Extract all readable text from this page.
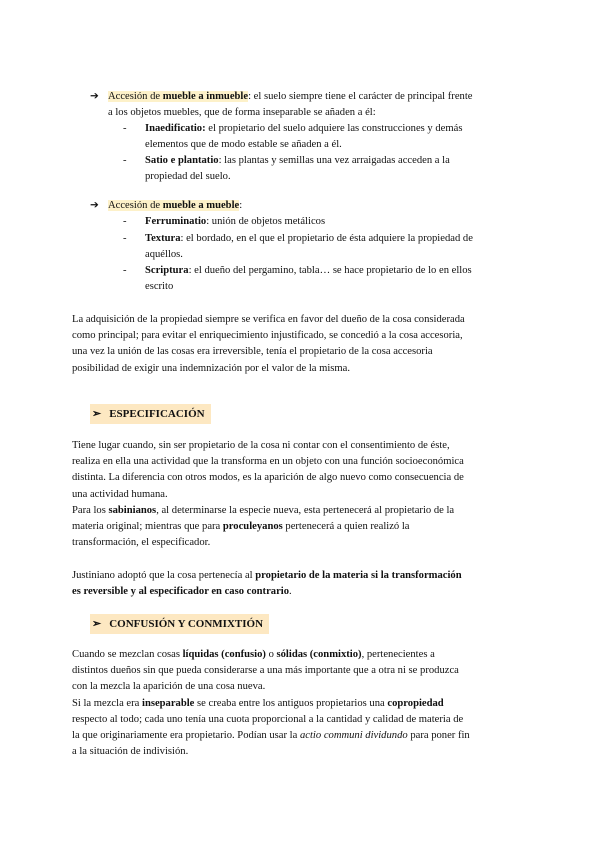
➔ Accesión de mueble a inmueble: el suelo siempre tiene el carácter de principal frente

a los objetos muebles, que de forma inseparable se añaden a él:

- Inaedificatio: el propietario del suelo adquiere las construcciones y demás

elementos que de modo estable se añaden a él.

- Satio e plantatio: las plantas y semillas una vez arraigadas acceden a la

propiedad del suelo.

➔ Accesión de mueble a mueble:

- Ferruminatio: unión de objetos metálicos

- Textura: el bordado, en el que el propietario de ésta adquiere la propiedad de

aquéllos.

- Scriptura: el dueño del pergamino, tabla… se hace propietario de lo en ellos

escrito

La adquisición de la propiedad siempre se verifica en favor del dueño de la cosa considerada

como principal; para evitar el enriquecimiento injustificado, se concedió a la cosa accesoria,

una vez la unión de las cosas era irreversible, tenía el propietario de la cosa accesoria

posibilidad de exigir una indemnización por el valor de la misma.

➢ ESPECIFICACIÓN

Tiene lugar cuando, sin ser propietario de la cosa ni contar con el consentimiento de éste,

realiza en ella una actividad que la transforma en un objeto con una función socioeconómica

distinta. La diferencia con otros modos, es la aparición de algo nuevo como consecuencia de

una actividad humana.

Para los sabinianos, al determinarse la especie nueva, esta pertenecerá al propietario de la

materia original; mientras que para proculeyanos pertenecerá a quien realizó la

transformación, el especificador.

Justiniano adoptó que la cosa pertenecía al propietario de la materia si la transformación

es reversible y al especificador en caso contrario.

➢ CONFUSIÓN Y CONMIXTIÓN

Cuando se mezclan cosas líquidas (confusio) o sólidas (conmixtio), pertenecientes a

distintos dueños sin que pueda considerarse a una más importante que a otra ni se produzca

con la mezcla la aparición de una cosa nueva.

Si la mezcla era inseparable se creaba entre los antiguos propietarios una copropiedad

respecto al todo; cada uno tenía una cuota proporcional a la cantidad y calidad de materia de

la que originariamente era propietario. Podían usar la actio communi dividundo para poner fin

a la situación de indivisión.
